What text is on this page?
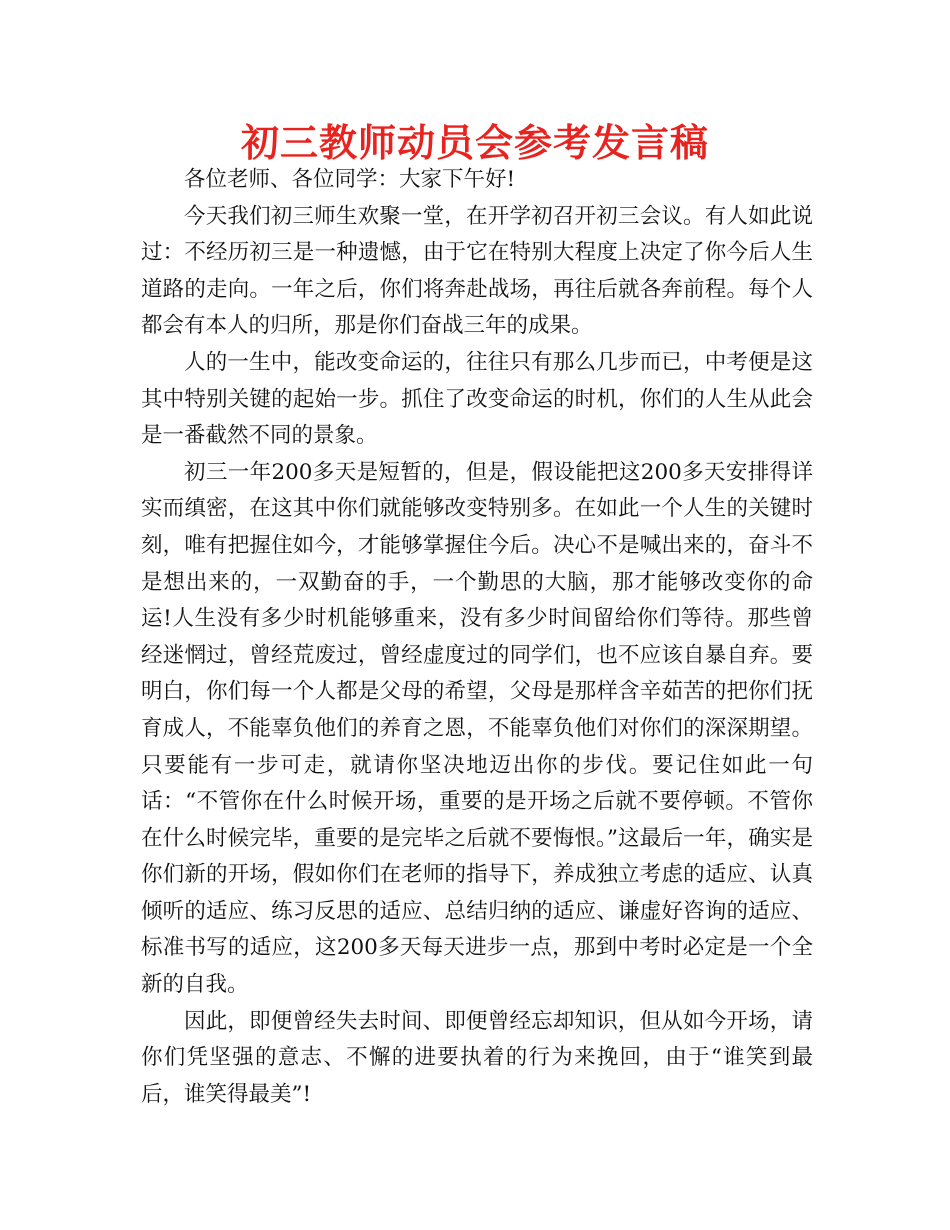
初三教师动员会参考发言稿

各位老师、各位同学：大家下午好!

今天我们初三师生欢聚一堂，在开学初召开初三会议。有人如此说过：不经历初三是一种遗憾，由于它在特别大程度上决定了你今后人生道路的走向。一年之后，你们将奔赴战场，再往后就各奔前程。每个人都会有本人的归所，那是你们奋战三年的成果。

人的一生中，能改变命运的，往往只有那么几步而已，中考便是这其中特别关键的起始一步。抓住了改变命运的时机，你们的人生从此会是一番截然不同的景象。

初三一年200多天是短暂的，但是，假设能把这200多天安排得详实而缜密，在这其中你们就能够改变特别多。在如此一个人生的关键时刻，唯有把握住如今，才能够掌握住今后。决心不是喊出来的，奋斗不是想出来的，一双勤奋的手，一个勤思的大脑，那才能够改变你的命运!人生没有多少时机能够重来，没有多少时间留给你们等待。那些曾经迷惘过，曾经荒废过，曾经虚度过的同学们，也不应该自暴自弃。要明白，你们每一个人都是父母的希望，父母是那样含辛茹苦的把你们抚育成人，不能辜负他们的养育之恩，不能辜负他们对你们的深深期望。只要能有一步可走，就请你坚决地迈出你的步伐。要记住如此一句话：“不管你在什么时候开场，重要的是开场之后就不要停顿。不管你在什么时候完毕，重要的是完毕之后就不要悔恨。”这最后一年，确实是你们新的开场，假如你们在老师的指导下，养成独立考虑的适应、认真倾听的适应、练习反思的适应、总结归纳的适应、谦虚好咨询的适应、标准书写的适应，这200多天每天进步一点，那到中考时必定是一个全新的自我。

因此，即便曾经失去时间、即便曾经忘却知识，但从如今开场，请你们凭坚强的意志、不懈的进要执着的行为来挽回，由于“谁笑到最后，谁笑得最美”!
